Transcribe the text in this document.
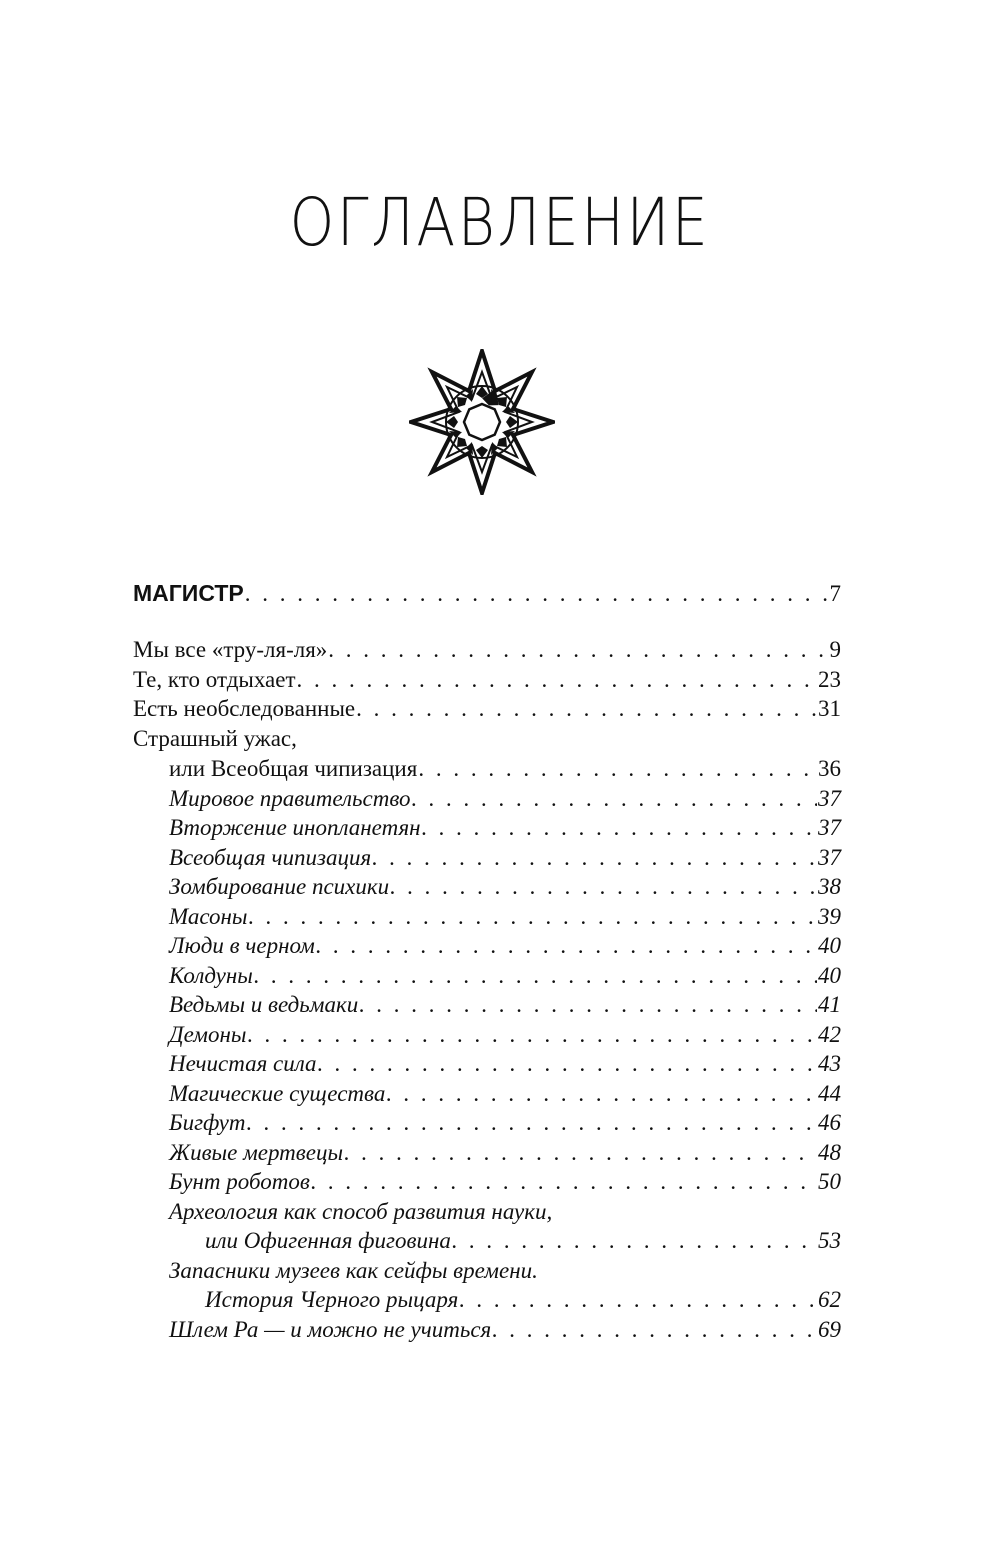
ОГЛАВЛЕНИЕ
МАГИСТР . . .	7
Мы все «тру-ля-ля» . . .	9
Те, кто отдыхает . . .	23
Есть необследованные . . .	31
Страшный ужас,
или Всеобщая чипизация . . .	36
Мировое правительство . . .	37
Вторжение инопланетян . . .	37
Всеобщая чипизация . . .	37
Зомбирование психики . . .	38
Масоны . . .	39
Люди в черном . . .	40
Колдуны . . .	40
Ведьмы и ведьмаки . . .	41
Демоны . . .	42
Нечистая сила . . .	43
Магические существа . . .	44
Бигфут . . .	46
Живые мертвецы . . .	48
Бунт роботов . . .	50
Археология как способ развития науки,
или Офигенная фиговина . . .	53
Запасники музеев как сейфы времени.
История Черного рыцаря . . .	62
Шлем Ра — и можно не учиться . . .	69
